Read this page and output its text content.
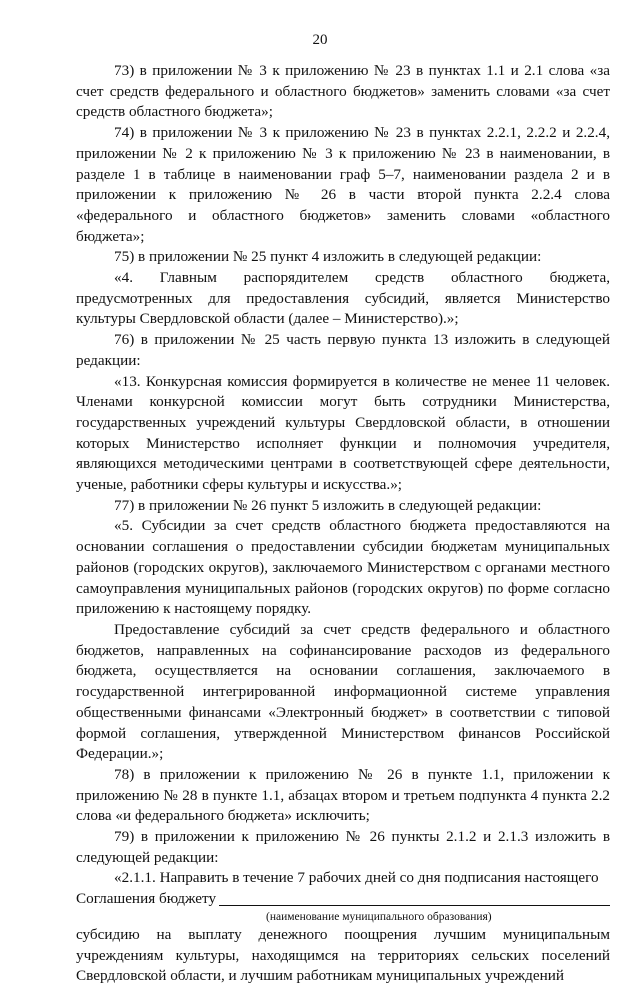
20

73) в приложении № 3 к приложению № 23 в пунктах 1.1 и 2.1 слова «за счет средств федерального и областного бюджетов» заменить словами «за счет средств областного бюджета»;

74) в приложении № 3 к приложению № 23 в пунктах 2.2.1, 2.2.2 и 2.2.4, приложении № 2 к приложению № 3 к приложению № 23 в наименовании, в разделе 1 в таблице в наименовании граф 5–7, наименовании раздела 2 и в приложении к приложению № 26 в части второй пункта 2.2.4 слова «федерального и областного бюджетов» заменить словами «областного бюджета»;

75) в приложении № 25 пункт 4 изложить в следующей редакции:

«4. Главным распорядителем средств областного бюджета, предусмотренных для предоставления субсидий, является Министерство культуры Свердловской области (далее – Министерство).»;

76) в приложении № 25 часть первую пункта 13 изложить в следующей редакции:

«13. Конкурсная комиссия формируется в количестве не менее 11 человек. Членами конкурсной комиссии могут быть сотрудники Министерства, государственных учреждений культуры Свердловской области, в отношении которых Министерство исполняет функции и полномочия учредителя, являющихся методическими центрами в соответствующей сфере деятельности, ученые, работники сферы культуры и искусства.»;

77) в приложении № 26 пункт 5 изложить в следующей редакции:

«5. Субсидии за счет средств областного бюджета предоставляются на основании соглашения о предоставлении субсидии бюджетам муниципальных районов (городских округов), заключаемого Министерством с органами местного самоуправления муниципальных районов (городских округов) по форме согласно приложению к настоящему порядку.

Предоставление субсидий за счет средств федерального и областного бюджетов, направленных на софинансирование расходов из федерального бюджета, осуществляется на основании соглашения, заключаемого в государственной интегрированной информационной системе управления общественными финансами «Электронный бюджет» в соответствии с типовой формой соглашения, утвержденной Министерством финансов Российской Федерации.»;

78) в приложении к приложению № 26 в пункте 1.1, приложении к приложению № 28 в пункте 1.1, абзацах втором и третьем подпункта 4 пункта 2.2 слова «и федерального бюджета» исключить;

79) в приложении к приложению № 26 пункты 2.1.2 и 2.1.3 изложить в следующей редакции:

«2.1.1. Направить в течение 7 рабочих дней со дня подписания настоящего

Соглашения бюджету

(наименование муниципального образования)

субсидию на выплату денежного поощрения лучшим муниципальным учреждениям культуры, находящимся на территориях сельских поселений Свердловской области, и лучшим работникам муниципальных учреждений
